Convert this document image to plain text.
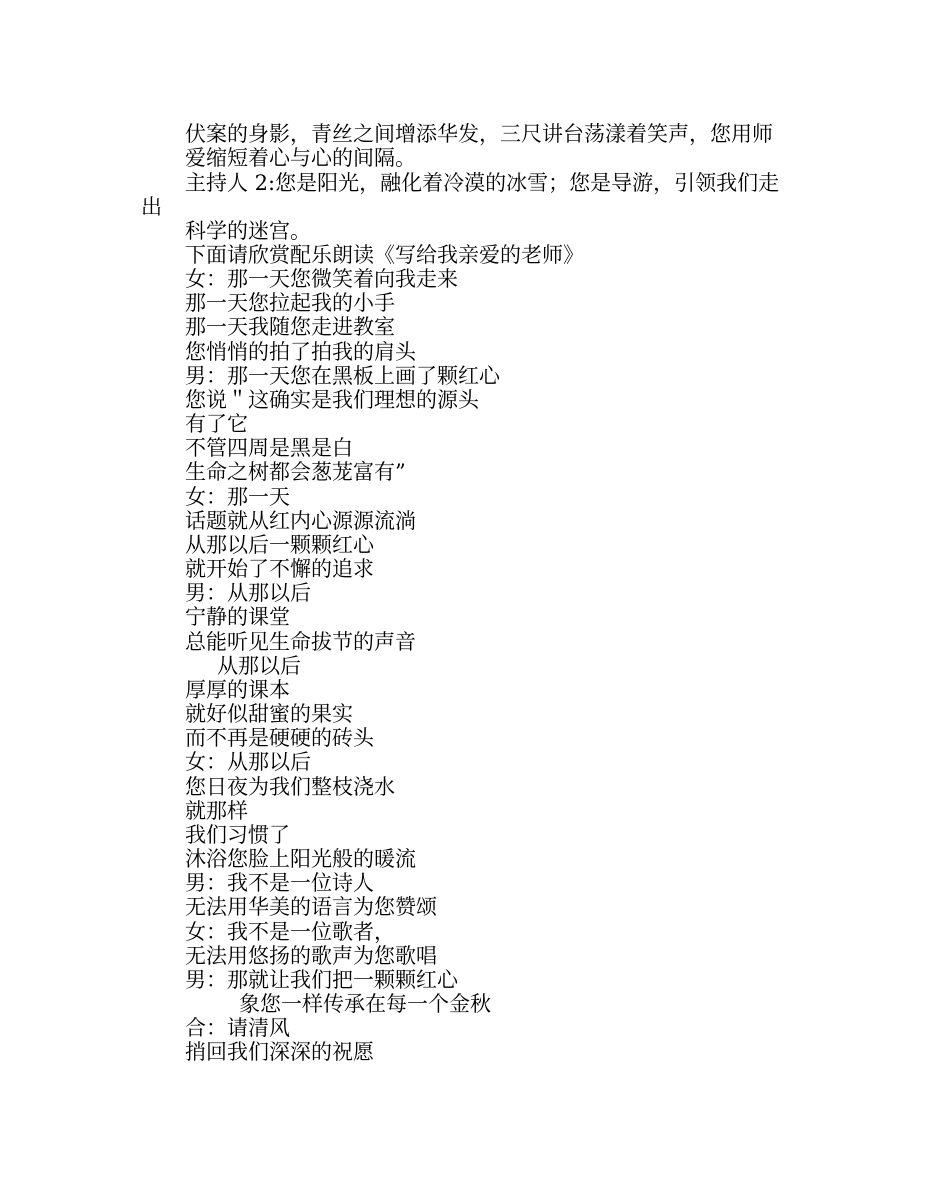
伏案的身影，青丝之间增添华发，三尺讲台荡漾着笑声，您用师
爱缩短着心与心的间隔。
主持人 2:您是阳光，融化着冷漠的冰雪；您是导游，引领我们走
出
科学的迷宫。
下面请欣赏配乐朗读《写给我亲爱的老师》
女：那一天您微笑着向我走来
那一天您拉起我的小手
那一天我随您走进教室
您悄悄的拍了拍我的肩头
男：那一天您在黑板上画了颗红心
您说＂这确实是我们理想的源头
有了它
不管四周是黑是白
生命之树都会葱茏富有”
女：那一天
话题就从红内心源源流淌
从那以后一颗颗红心
就开始了不懈的追求
男：从那以后
宁静的课堂
总能听见生命拔节的声音
从那以后
厚厚的课本
就好似甜蜜的果实
而不再是硬硬的砖头
女：从那以后
您日夜为我们整枝浇水
就那样
我们习惯了
沐浴您脸上阳光般的暖流
男：我不是一位诗人
无法用华美的语言为您赞颂
女：我不是一位歌者，
无法用悠扬的歌声为您歌唱
男：那就让我们把一颗颗红心
象您一样传承在每一个金秋
合：请清风
捎回我们深深的祝愿
